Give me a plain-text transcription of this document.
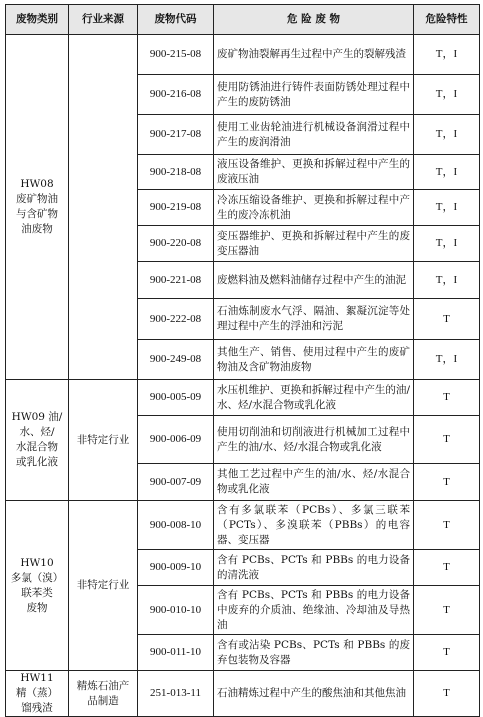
废物类别	行业来源	废物代码	危 险 废 物	危险特性
HW08
废矿物油
与含矿物
油废物		900-215-08	废矿物油裂解再生过程中产生的裂解残渣	T，I
		900-216-08	使用防锈油进行铸件表面防锈处理过程中产生的废防锈油	T，I
		900-217-08	使用工业齿轮油进行机械设备润滑过程中产生的废润滑油	T，I
		900-218-08	液压设备维护、更换和拆解过程中产生的废液压油	T，I
		900-219-08	冷冻压缩设备维护、更换和拆解过程中产生的废冷冻机油	T，I
		900-220-08	变压器维护、更换和拆解过程中产生的废变压器油	T，I
		900-221-08	废燃料油及燃料油储存过程中产生的油泥	T，I
		900-222-08	石油炼制废水气浮、隔油、絮凝沉淀等处理过程中产生的浮油和污泥	T
		900-249-08	其他生产、销售、使用过程中产生的废矿物油及含矿物油废物	T，I
HW09 油/
水、烃/
水混合物
或乳化液	非特定行业	900-005-09	水压机维护、更换和拆解过程中产生的油/水、烃/水混合物或乳化液	T
		900-006-09	使用切削油和切削液进行机械加工过程中产生的油/水、烃/水混合物或乳化液	T
		900-007-09	其他工艺过程中产生的油/水、烃/水混合物或乳化液	T
HW10
多氯（溴）
联苯类
废物	非特定行业	900-008-10	含有多氯联苯（PCBs）、多氯三联苯（PCTs）、多溴联苯（PBBs）的电容器、变压器	T
		900-009-10	含有 PCBs、PCTs 和 PBBs 的电力设备的清洗液	T
		900-010-10	含有 PCBs、PCTs 和 PBBs 的电力设备中废弃的介质油、绝缘油、冷却油及导热油	T
		900-011-10	含有或沾染 PCBs、PCTs 和 PBBs 的废弃包装物及容器	T
HW11
精（蒸）
馏残渣	精炼石油产品制造	251-013-11	石油精炼过程中产生的酸焦油和其他焦油	T
